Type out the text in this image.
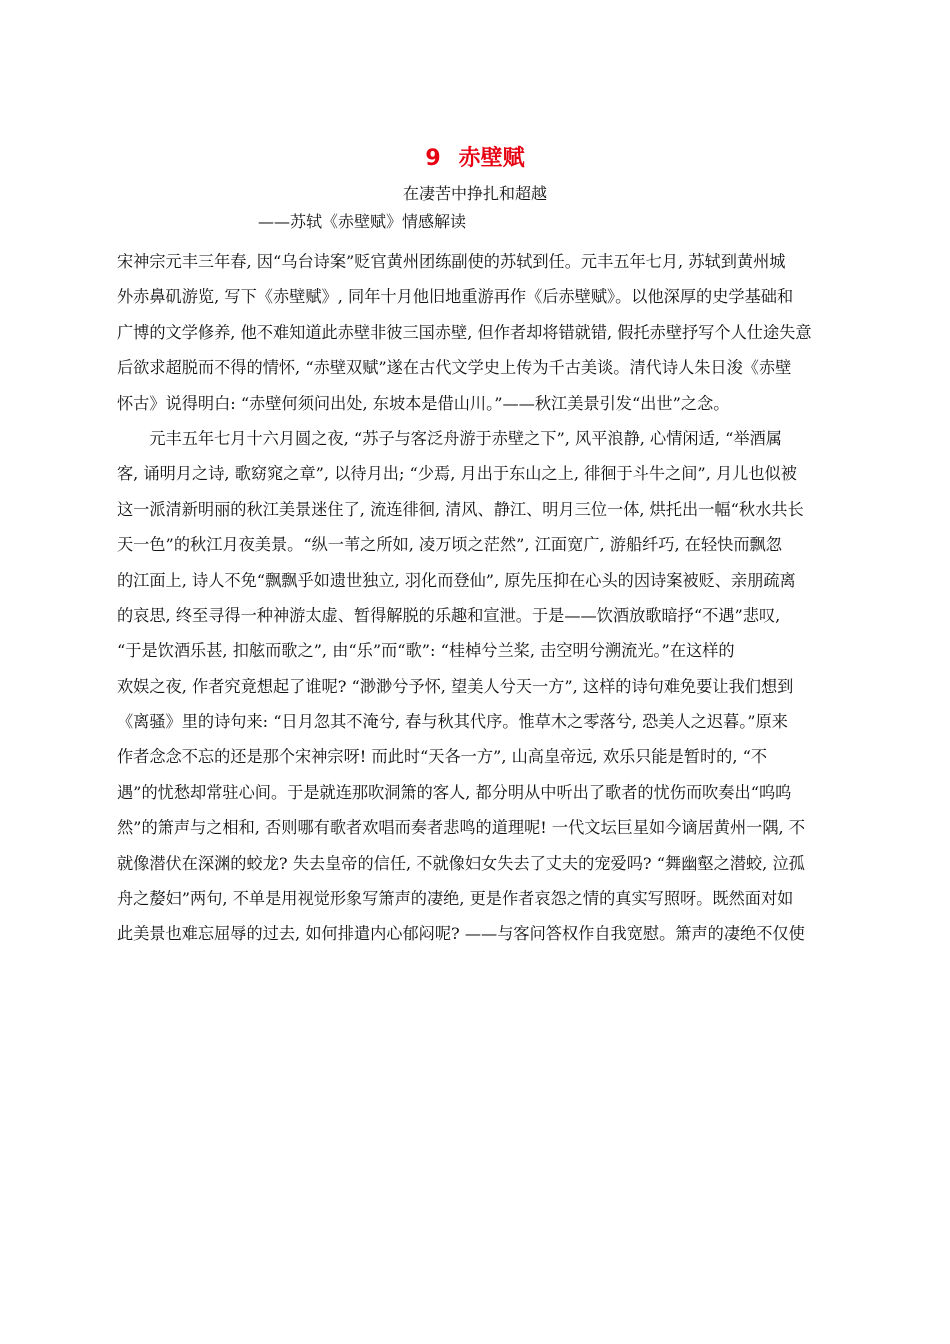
9 赤壁赋
在凄苦中挣扎和超越
——苏轼《赤壁赋》情感解读
宋神宗元丰三年春, 因“乌台诗案”贬官黄州团练副使的苏轼到任。元丰五年七月, 苏轼到黄州城
外赤鼻矶游览, 写下《赤壁赋》, 同年十月他旧地重游再作《后赤壁赋》。以他深厚的史学基础和
广博的文学修养, 他不难知道此赤壁非彼三国赤壁, 但作者却将错就错, 假托赤壁抒写个人仕途失意
后欲求超脱而不得的情怀, “赤壁双赋”遂在古代文学史上传为千古美谈。清代诗人朱日浚《赤壁
怀古》说得明白: “赤壁何须问出处, 东坡本是借山川。”——秋江美景引发“出世”之念。
　　元丰五年七月十六月圆之夜, “苏子与客泛舟游于赤壁之下”, 风平浪静, 心情闲适, “举酒属
客, 诵明月之诗, 歌窈窕之章”, 以待月出; “少焉, 月出于东山之上, 徘徊于斗牛之间”, 月儿也似被
这一派清新明丽的秋江美景迷住了, 流连徘徊, 清风、静江、明月三位一体, 烘托出一幅“秋水共长
天一色”的秋江月夜美景。“纵一苇之所如, 凌万顷之茫然”, 江面宽广, 游船纤巧, 在轻快而飘忽
的江面上, 诗人不免“飘飘乎如遗世独立, 羽化而登仙”, 原先压抑在心头的因诗案被贬、亲朋疏离
的哀思, 终至寻得一种神游太虚、暂得解脱的乐趣和宣泄。于是——饮酒放歌暗抒“不遇”悲叹,
“于是饮酒乐甚, 扣舷而歌之”, 由“乐”而“歌”: “桂棹兮兰桨, 击空明兮溯流光。”在这样的
欢娱之夜, 作者究竟想起了谁呢? “渺渺兮予怀, 望美人兮天一方”, 这样的诗句难免要让我们想到
《离骚》里的诗句来: “日月忽其不淹兮, 春与秋其代序。惟草木之零落兮, 恐美人之迟暮。”原来
作者念念不忘的还是那个宋神宗呀! 而此时“天各一方”, 山高皇帝远, 欢乐只能是暂时的, “不
遇”的忧愁却常驻心间。于是就连那吹洞箫的客人, 都分明从中听出了歌者的忧伤而吹奏出“呜呜
然”的箫声与之相和, 否则哪有歌者欢唱而奏者悲鸣的道理呢! 一代文坛巨星如今谪居黄州一隅, 不
就像潜伏在深渊的蛟龙? 失去皇帝的信任, 不就像妇女失去了丈夫的宠爱吗? “舞幽壑之潜蛟, 泣孤
舟之嫠妇”两句, 不单是用视觉形象写箫声的凄绝, 更是作者哀怨之情的真实写照呀。既然面对如
此美景也难忘屈辱的过去, 如何排遣内心郁闷呢? ——与客问答权作自我宽慰。箫声的凄绝不仅使
